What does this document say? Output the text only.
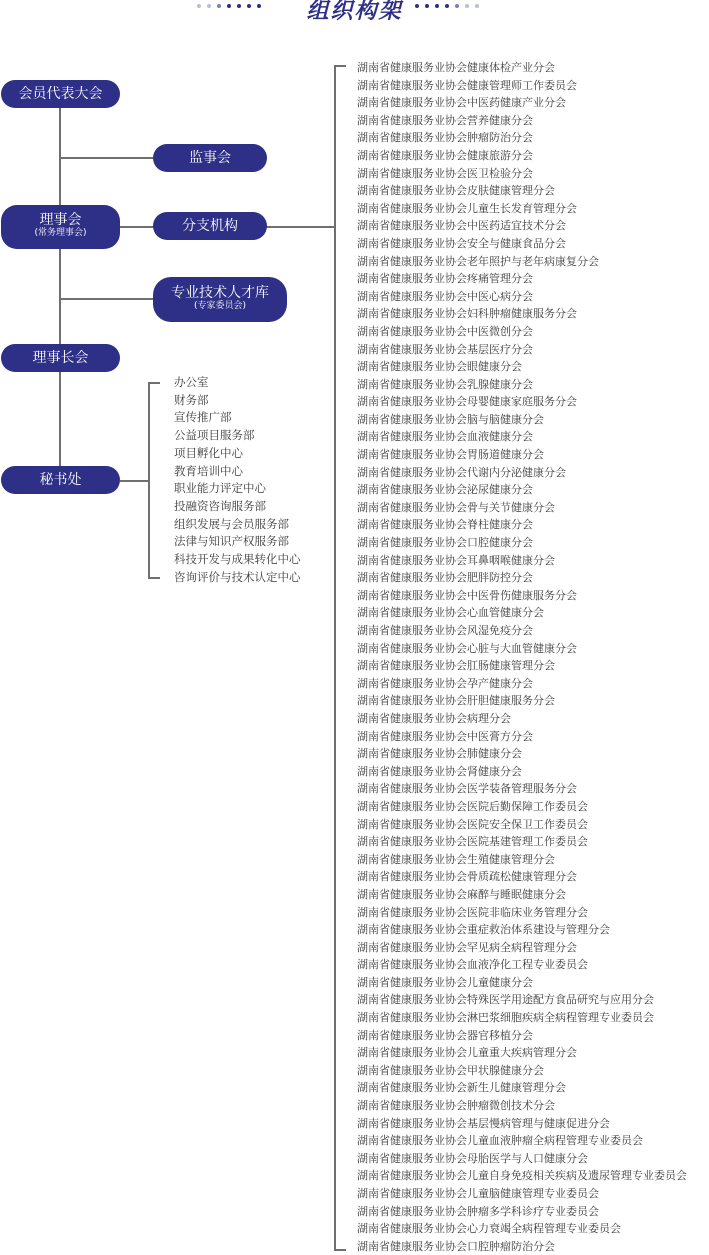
组织构架
会员代表大会
监事会
理事会
(常务理事会)	分支机构
专业技术人才库
(专家委员会)
理事长会
秘书处
办公室
财务部
宣传推广部
公益项目服务部
项目孵化中心
教育培训中心
职业能力评定中心
投融资咨询服务部
组织发展与会员服务部
法律与知识产权服务部
科技开发与成果转化中心
咨询评价与技术认定中心
湖南省健康服务业协会健康体检产业分会
湖南省健康服务业协会健康管理师工作委员会
湖南省健康服务业协会中医药健康产业分会
湖南省健康服务业协会营养健康分会
湖南省健康服务业协会肿瘤防治分会
湖南省健康服务业协会健康旅游分会
湖南省健康服务业协会医卫检验分会
湖南省健康服务业协会皮肤健康管理分会
湖南省健康服务业协会儿童生长发育管理分会
湖南省健康服务业协会中医药适宜技术分会
湖南省健康服务业协会安全与健康食品分会
湖南省健康服务业协会老年照护与老年病康复分会
湖南省健康服务业协会疼痛管理分会
湖南省健康服务业协会中医心病分会
湖南省健康服务业协会妇科肿瘤健康服务分会
湖南省健康服务业协会中医微创分会
湖南省健康服务业协会基层医疗分会
湖南省健康服务业协会眼健康分会
湖南省健康服务业协会乳腺健康分会
湖南省健康服务业协会母婴健康家庭服务分会
湖南省健康服务业协会脑与脑健康分会
湖南省健康服务业协会血液健康分会
湖南省健康服务业协会胃肠道健康分会
湖南省健康服务业协会代谢内分泌健康分会
湖南省健康服务业协会泌尿健康分会
湖南省健康服务业协会骨与关节健康分会
湖南省健康服务业协会脊柱健康分会
湖南省健康服务业协会口腔健康分会
湖南省健康服务业协会耳鼻咽喉健康分会
湖南省健康服务业协会肥胖防控分会
湖南省健康服务业协会中医骨伤健康服务分会
湖南省健康服务业协会心血管健康分会
湖南省健康服务业协会风湿免疫分会
湖南省健康服务业协会心脏与大血管健康分会
湖南省健康服务业协会肛肠健康管理分会
湖南省健康服务业协会孕产健康分会
湖南省健康服务业协会肝胆健康服务分会
湖南省健康服务业协会病理分会
湖南省健康服务业协会中医膏方分会
湖南省健康服务业协会肺健康分会
湖南省健康服务业协会肾健康分会
湖南省健康服务业协会医学装备管理服务分会
湖南省健康服务业协会医院后勤保障工作委员会
湖南省健康服务业协会医院安全保卫工作委员会
湖南省健康服务业协会医院基建管理工作委员会
湖南省健康服务业协会生殖健康管理分会
湖南省健康服务业协会骨质疏松健康管理分会
湖南省健康服务业协会麻醉与睡眠健康分会
湖南省健康服务业协会医院非临床业务管理分会
湖南省健康服务业协会重症救治体系建设与管理分会
湖南省健康服务业协会罕见病全病程管理分会
湖南省健康服务业协会血液净化工程专业委员会
湖南省健康服务业协会儿童健康分会
湖南省健康服务业协会特殊医学用途配方食品研究与应用分会
湖南省健康服务业协会淋巴浆细胞疾病全病程管理专业委员会
湖南省健康服务业协会器官移植分会
湖南省健康服务业协会儿童重大疾病管理分会
湖南省健康服务业协会甲状腺健康分会
湖南省健康服务业协会新生儿健康管理分会
湖南省健康服务业协会肿瘤微创技术分会
湖南省健康服务业协会基层慢病管理与健康促进分会
湖南省健康服务业协会儿童血液肿瘤全病程管理专业委员会
湖南省健康服务业协会母胎医学与人口健康分会
湖南省健康服务业协会儿童自身免疫相关疾病及遗尿管理专业委员会
湖南省健康服务业协会儿童脑健康管理专业委员会
湖南省健康服务业协会肿瘤多学科诊疗专业委员会
湖南省健康服务业协会心力衰竭全病程管理专业委员会
湖南省健康服务业协会口腔肿瘤防治分会
